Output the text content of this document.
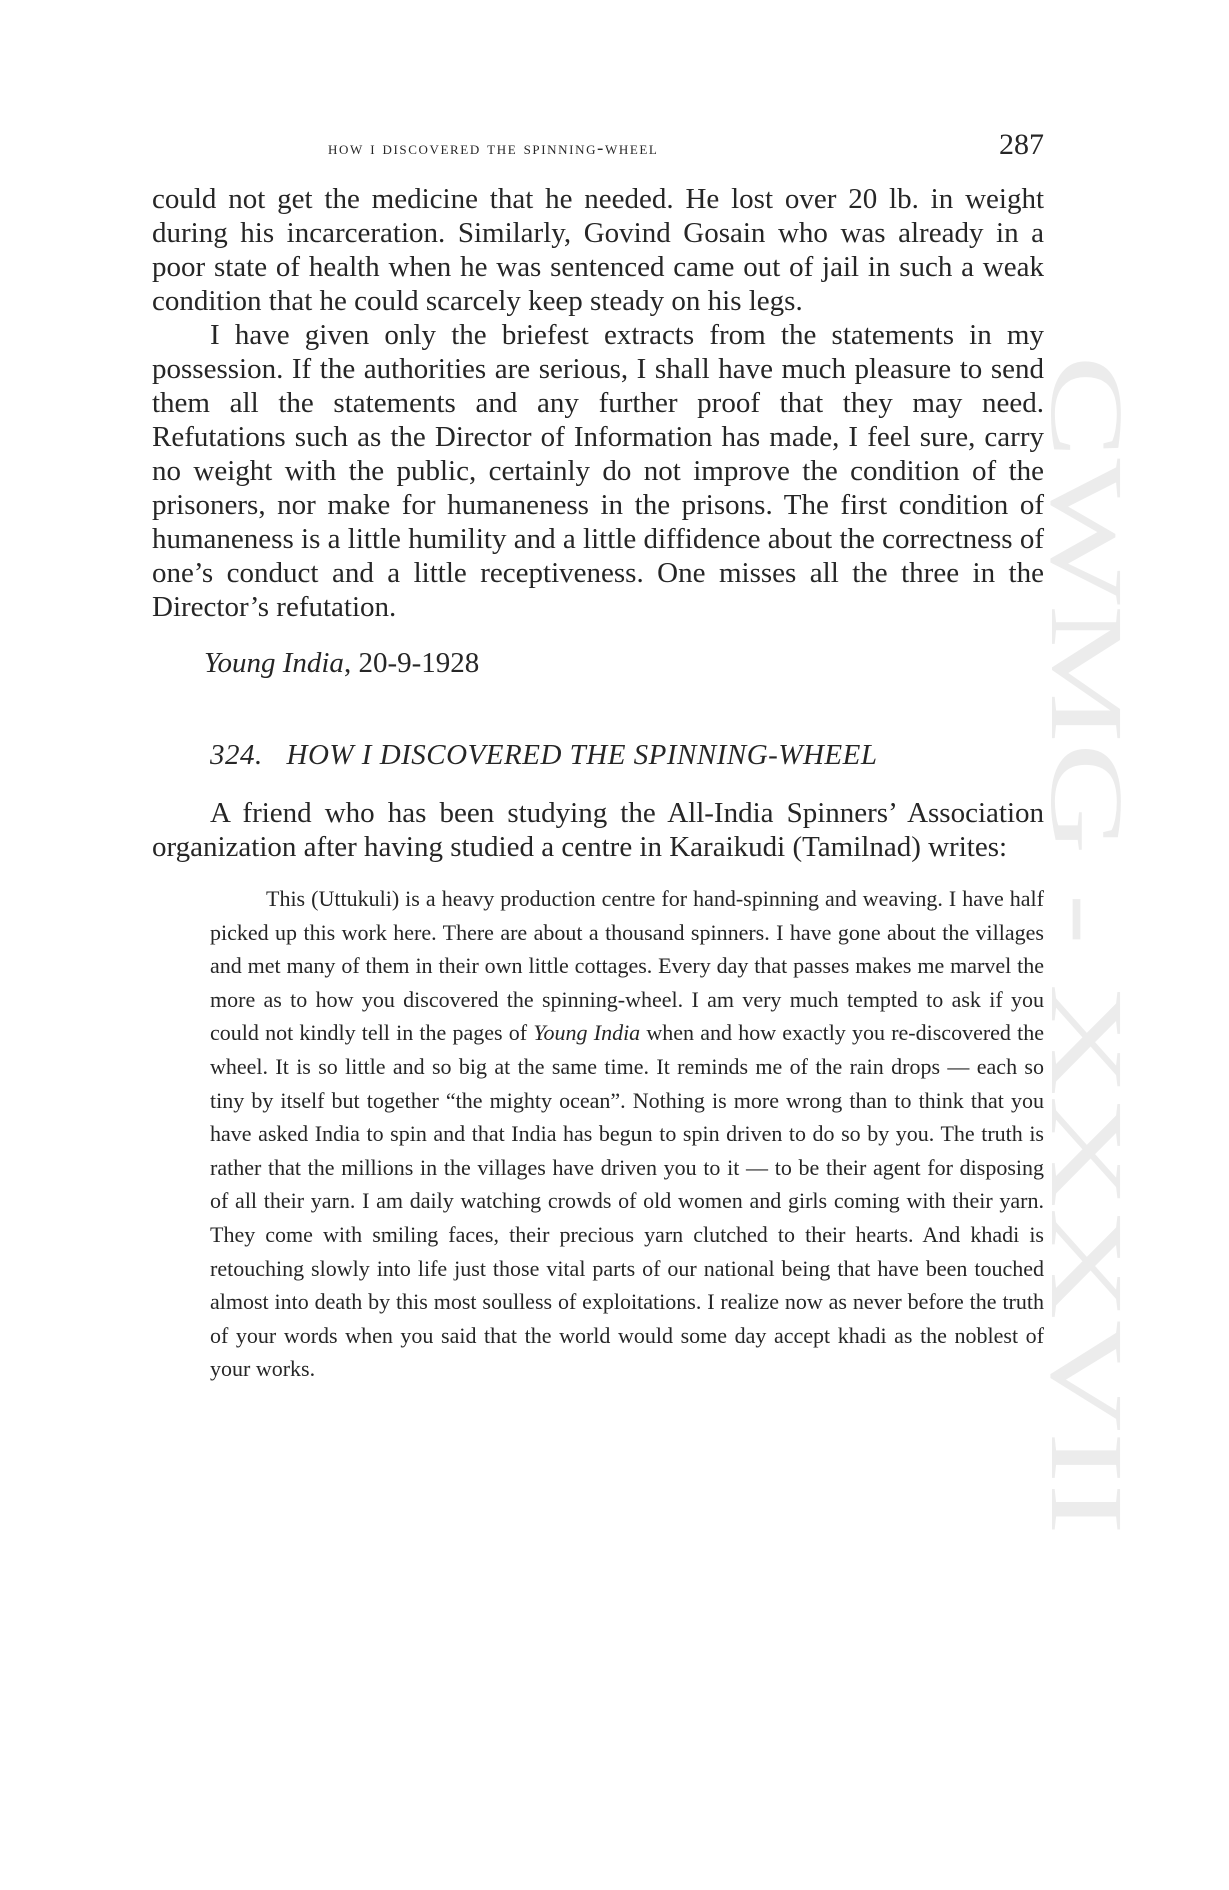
CWMG - XXXVII
how i discovered the spinning-wheel	287

could not get the medicine that he needed. He lost over 20 lb. in weight during his incarceration. Similarly, Govind Gosain who was already in a poor state of health when he was sentenced came out of jail in such a weak condition that he could scarcely keep steady on his legs.

I have given only the briefest extracts from the statements in my possession. If the authorities are serious, I shall have much pleasure to send them all the statements and any further proof that they may need. Refutations such as the Director of Information has made, I feel sure, carry no weight with the public, certainly do not improve the condition of the prisoners, nor make for humaneness in the prisons. The first condition of humaneness is a little humility and a little diffidence about the correctness of one’s conduct and a little receptiveness. One misses all the three in the Director’s refutation.

Young India, 20-9-1928
324. HOW I DISCOVERED THE SPINNING-WHEEL

A friend who has been studying the All-India Spinners’ Association organization after having studied a centre in Karaikudi (Tamilnad) writes:

This (Uttukuli) is a heavy production centre for hand-spinning and weaving. I have half picked up this work here. There are about a thousand spinners. I have gone about the villages and met many of them in their own little cottages. Every day that passes makes me marvel the more as to how you discovered the spinning-wheel. I am very much tempted to ask if you could not kindly tell in the pages of Young India when and how exactly you re-discovered the wheel. It is so little and so big at the same time. It reminds me of the rain drops — each so tiny by itself but together “the mighty ocean”. Nothing is more wrong than to think that you have asked India to spin and that India has begun to spin driven to do so by you. The truth is rather that the millions in the villages have driven you to it — to be their agent for disposing of all their yarn. I am daily watching crowds of old women and girls coming with their yarn. They come with smiling faces, their precious yarn clutched to their hearts. And khadi is retouching slowly into life just those vital parts of our national being that have been touched almost into death by this most soulless of exploitations. I realize now as never before the truth of your words when you said that the world would some day accept khadi as the noblest of your works.
